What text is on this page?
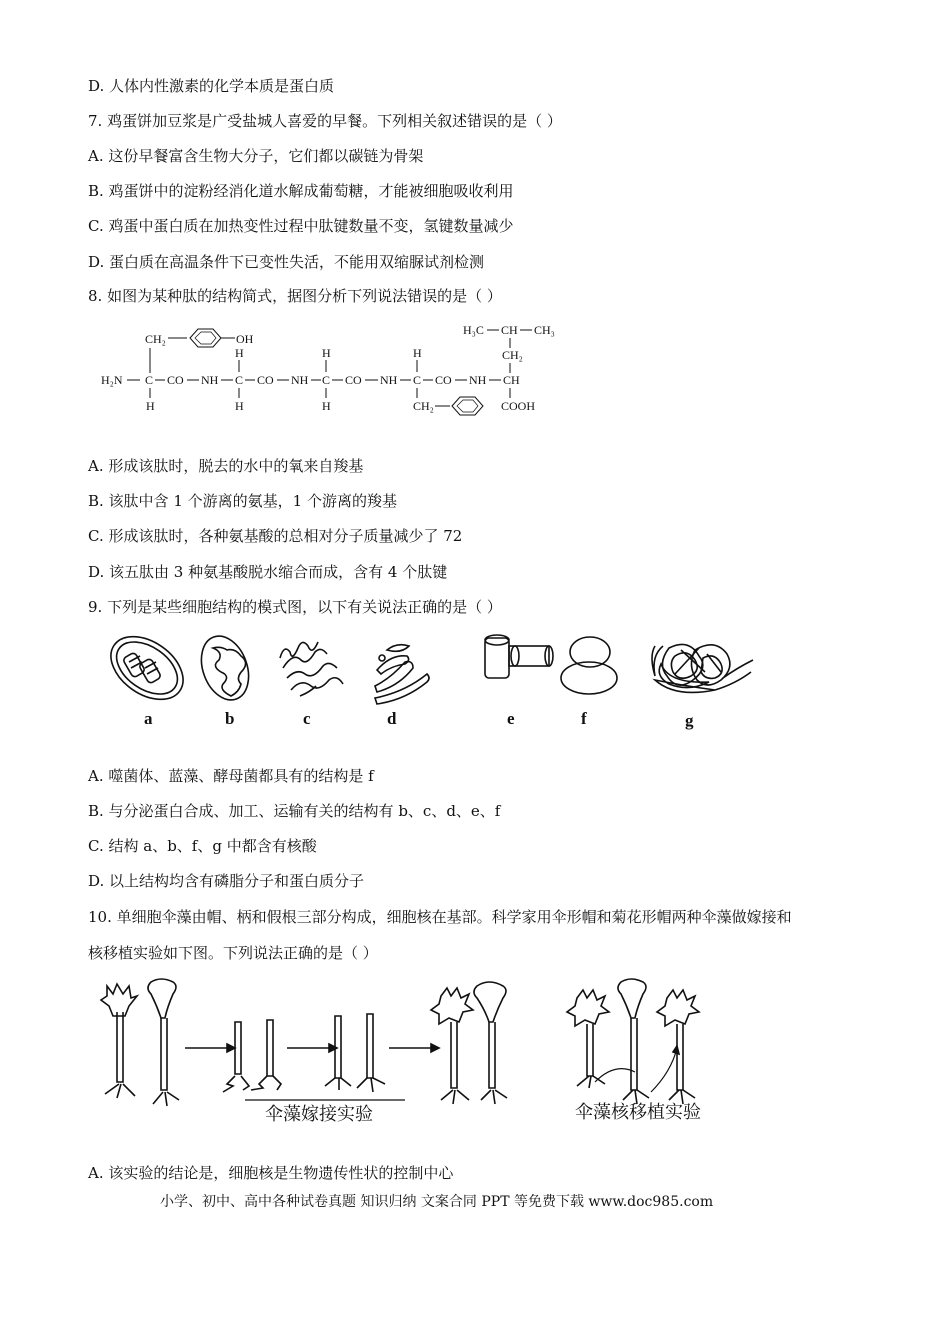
D. 人体内性激素的化学本质是蛋白质
7. 鸡蛋饼加豆浆是广受盐城人喜爱的早餐。下列相关叙述错误的是（ ）
A. 这份早餐富含生物大分子，它们都以碳链为骨架
B. 鸡蛋饼中的淀粉经消化道水解成葡萄糖，才能被细胞吸收利用
C. 鸡蛋中蛋白质在加热变性过程中肽键数量不变，氢键数量减少
D. 蛋白质在高温条件下已变性失活，不能用双缩脲试剂检测
8. 如图为某种肽的结构简式，据图分析下列说法错误的是（ ）
CH₂	OH
H	H	H
H₃C CH CH₃
CH₂
H₂N C CO NH C CO NH C CO NH C CO NH CH
H	H	H	CH₂	COOH
A. 形成该肽时，脱去的水中的氧来自羧基
B. 该肽中含 1 个游离的氨基，1 个游离的羧基
C. 形成该肽时，各种氨基酸的总相对分子质量减少了 72
D. 该五肽由 3 种氨基酸脱水缩合而成，含有 4 个肽键
9. 下列是某些细胞结构的模式图，以下有关说法正确的是（ ）
a	b	c	d	e	f	g
A. 噬菌体、蓝藻、酵母菌都具有的结构是 f
B. 与分泌蛋白合成、加工、运输有关的结构有 b、c、d、e、f
C. 结构 a、b、f、g 中都含有核酸
D. 以上结构均含有磷脂分子和蛋白质分子
10. 单细胞伞藻由帽、柄和假根三部分构成，细胞核在基部。科学家用伞形帽和菊花形帽两种伞藻做嫁接和
核移植实验如下图。下列说法正确的是（ ）
伞藻嫁接实验	伞藻核移植实验
A. 该实验的结论是，细胞核是生物遗传性状的控制中心
小学、初中、高中各种试卷真题 知识归纳 文案合同 PPT 等免费下载 www.doc985.com
